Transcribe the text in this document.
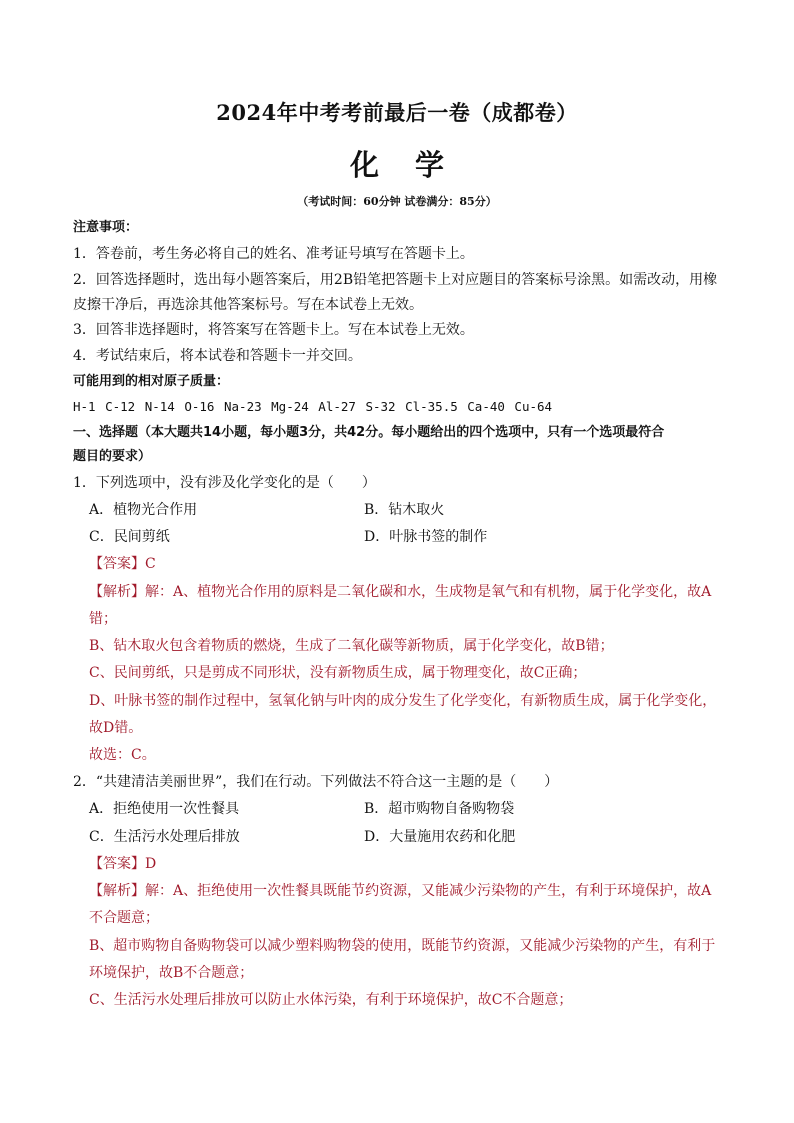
2024年中考考前最后一卷（成都卷）
化学
（考试时间：60分钟 试卷满分：85分）
注意事项：
1．答卷前，考生务必将自己的姓名、准考证号填写在答题卡上。
2．回答选择题时，选出每小题答案后，用2B铅笔把答题卡上对应题目的答案标号涂黑。如需改动，用橡
皮擦干净后，再选涂其他答案标号。写在本试卷上无效。
3．回答非选择题时，将答案写在答题卡上。写在本试卷上无效。
4．考试结束后，将本试卷和答题卡一并交回。
可能用到的相对原子质量：
H-1 C-12 N-14 O-16 Na-23 Mg-24 Al-27 S-32 Cl-35.5 Ca-40 Cu-64
一、选择题（本大题共14小题，每小题3分，共42分。每小题给出的四个选项中，只有一个选项最符合
题目的要求）
1．下列选项中，没有涉及化学变化的是（　　）
A．植物光合作用	B．钻木取火
C．民间剪纸	D．叶脉书签的制作
【答案】C
【解析】解：A、植物光合作用的原料是二氧化碳和水，生成物是氧气和有机物，属于化学变化，故A
错；
B、钻木取火包含着物质的燃烧，生成了二氧化碳等新物质，属于化学变化，故B错；
C、民间剪纸，只是剪成不同形状，没有新物质生成，属于物理变化，故C正确；
D、叶脉书签的制作过程中，氢氧化钠与叶肉的成分发生了化学变化，有新物质生成，属于化学变化，
故D错。
故选：C。
2．“共建清洁美丽世界”，我们在行动。下列做法不符合这一主题的是（　　）
A．拒绝使用一次性餐具	B．超市购物自备购物袋
C．生活污水处理后排放	D．大量施用农药和化肥
【答案】D
【解析】解：A、拒绝使用一次性餐具既能节约资源，又能减少污染物的产生，有利于环境保护，故A
不合题意；
B、超市购物自备购物袋可以减少塑料购物袋的使用，既能节约资源，又能减少污染物的产生，有利于
环境保护，故B不合题意；
C、生活污水处理后排放可以防止水体污染，有利于环境保护，故C不合题意；
